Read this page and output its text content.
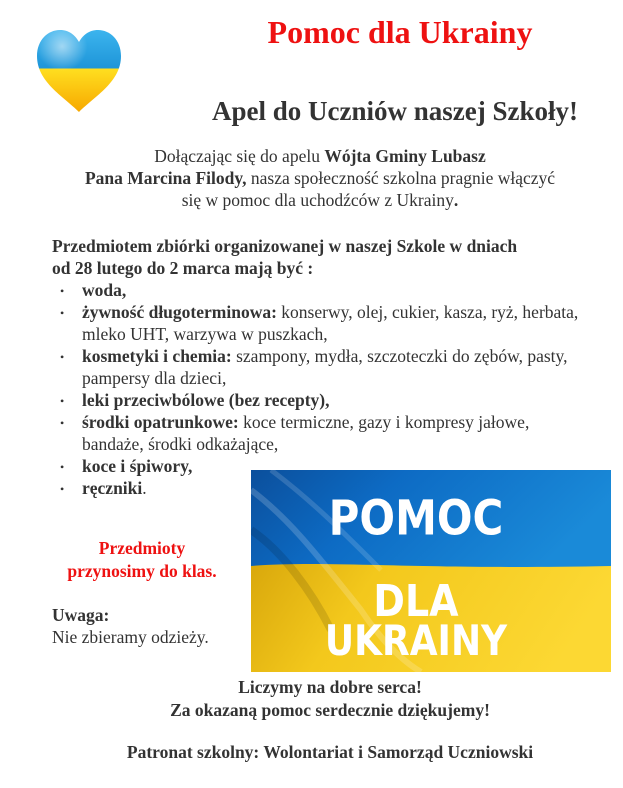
Pomoc dla Ukrainy
Apel do Uczniów naszej Szkoły!
Dołączając się do apelu Wójta Gminy Lubasz
Pana Marcina Filody, nasza społeczność szkolna pragnie włączyć
się w pomoc dla uchodźców z Ukrainy.
Przedmiotem zbiórki organizowanej w naszej Szkole w dniach
od 28 lutego do 2 marca mają być :
• woda,
• żywność długoterminowa: konserwy, olej, cukier, kasza, ryż, herbata, mleko UHT, warzywa w puszkach,
• kosmetyki i chemia: szampony, mydła, szczoteczki do zębów, pasty, pampersy dla dzieci,
• leki przeciwbólowe (bez recepty),
• środki opatrunkowe: koce termiczne, gazy i kompresy jałowe, bandaże, środki odkażające,
• koce i śpiwory,
• ręczniki.
Przedmioty
przynosimy do klas.
Uwaga:
Nie zbieramy odzieży.
POMOC
DLA
UKRAINY
Liczymy na dobre serca!
Za okazaną pomoc serdecznie dziękujemy!
Patronat szkolny: Wolontariat i Samorząd Uczniowski
